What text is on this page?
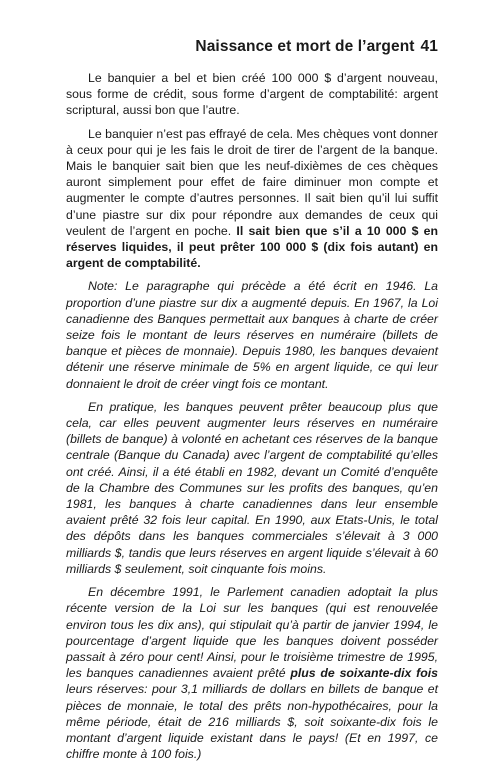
Naissance et mort de l’argent 41

Le banquier a bel et bien créé 100 000 $ d’argent nouveau, sous forme de crédit, sous forme d’argent de comptabilité: argent scriptural, aussi bon que l’autre.

Le banquier n’est pas effrayé de cela. Mes chèques vont donner à ceux pour qui je les fais le droit de tirer de l’argent de la banque. Mais le banquier sait bien que les neuf-dixièmes de ces chèques auront simplement pour effet de faire diminuer mon compte et augmenter le compte d’autres personnes. Il sait bien qu’il lui suffit d’une piastre sur dix pour répondre aux demandes de ceux qui veulent de l’argent en poche. Il sait bien que s’il a 10 000 $ en réserves liquides, il peut prêter 100 000 $ (dix fois autant) en argent de comptabilité.

Note: Le paragraphe qui précède a été écrit en 1946. La proportion d’une piastre sur dix a augmenté depuis. En 1967, la Loi canadienne des Banques permettait aux banques à charte de créer seize fois le montant de leurs réserves en numéraire (billets de banque et pièces de monnaie). Depuis 1980, les banques devaient détenir une réserve minimale de 5% en argent liquide, ce qui leur donnaient le droit de créer vingt fois ce montant.

En pratique, les banques peuvent prêter beaucoup plus que cela, car elles peuvent augmenter leurs réserves en numéraire (billets de banque) à volonté en achetant ces réserves de la banque centrale (Banque du Canada) avec l’argent de comptabilité qu’elles ont créé. Ainsi, il a été établi en 1982, devant un Comité d’enquête de la Chambre des Communes sur les profits des banques, qu’en 1981, les banques à charte canadiennes dans leur ensemble avaient prêté 32 fois leur capital. En 1990, aux Etats-Unis, le total des dépôts dans les banques commerciales s’élevait à 3 000 milliards $, tandis que leurs réserves en argent liquide s’élevait à 60 milliards $ seulement, soit cinquante fois moins.

En décembre 1991, le Parlement canadien adoptait la plus récente version de la Loi sur les banques (qui est renouvelée environ tous les dix ans), qui stipulait qu’à partir de janvier 1994, le pourcentage d’argent liquide que les banques doivent posséder passait à zéro pour cent! Ainsi, pour le troisième trimestre de 1995, les banques canadiennes avaient prêté plus de soixante-dix fois leurs réserves: pour 3,1 milliards de dollars en billets de banque et pièces de monnaie, le total des prêts non-hypothécaires, pour la même période, était de 216 milliards $, soit soixante-dix fois le montant d’argent liquide existant dans le pays! (Et en 1997, ce chiffre monte à 100 fois.)
